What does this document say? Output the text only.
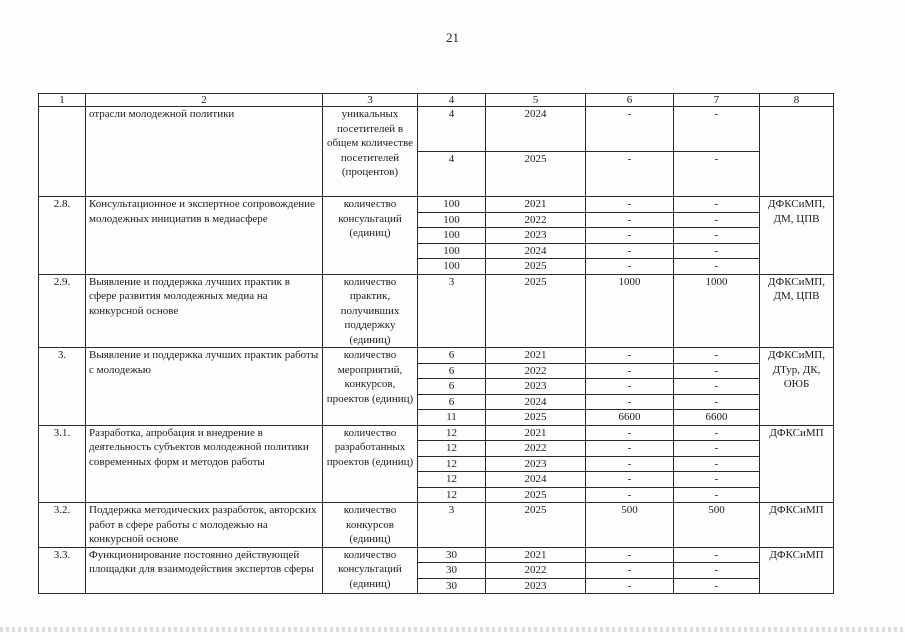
21
1	2	3	4	5	6	7	8
	отрасли молодежной политики	уникальных посетителей в общем количестве посетителей (процентов)	4	2024	-	-	
			4	2025	-	-	
2.8.	Консультационное и экспертное сопровождение молодежных инициатив в медиасфере	количество консультаций (единиц)	100	2021	-	-	ДФКСиМП, ДМ, ЦПВ
			100	2022	-	-	
			100	2023	-	-	
			100	2024	-	-	
			100	2025	-	-	
2.9.	Выявление и поддержка лучших практик в сфере развития молодежных медиа на конкурсной основе	количество практик, получивших поддержку (единиц)	3	2025	1000	1000	ДФКСиМП, ДМ, ЦПВ
3.	Выявление и поддержка лучших практик работы с молодежью	количество мероприятий, конкурсов, проектов (единиц)	6	2021	-	-	ДФКСиМП, ДТур, ДК, ОЮБ
			6	2022	-	-	
			6	2023	-	-	
			6	2024	-	-	
			11	2025	6600	6600	
3.1.	Разработка, апробация и внедрение в деятельность субъектов молодежной политики современных форм и методов работы	количество разработанных проектов (единиц)	12	2021	-	-	ДФКСиМП
			12	2022	-	-	
			12	2023	-	-	
			12	2024	-	-	
			12	2025	-	-	
3.2.	Поддержка методических разработок, авторских работ в сфере работы с молодежью на конкурсной основе	количество конкурсов (единиц)	3	2025	500	500	ДФКСиМП
3.3.	Функционирование постоянно действующей площадки для взаимодействия экспертов сферы	количество консультаций (единиц)	30	2021	-	-	ДФКСиМП
			30	2022	-	-	
			30	2023	-	-	
